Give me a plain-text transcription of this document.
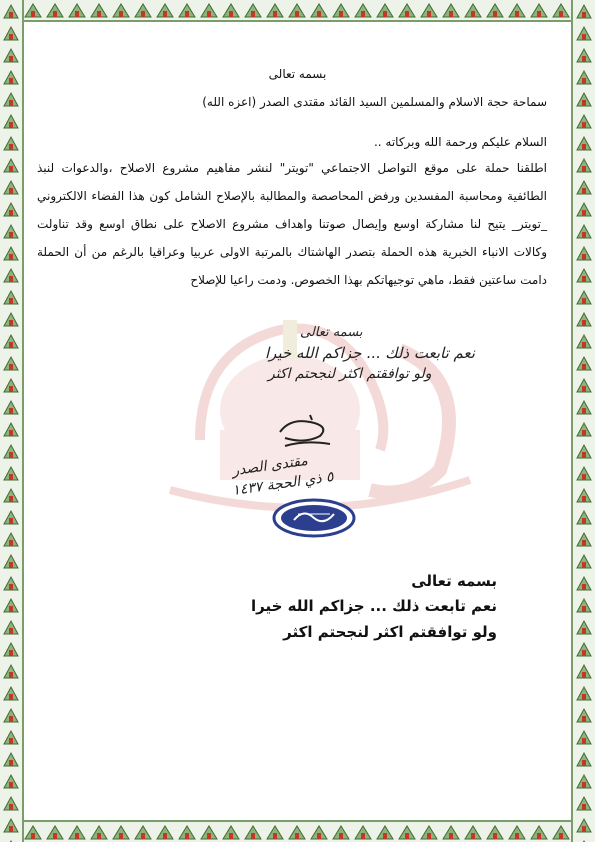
بسمه تعالى
سماحة حجة الاسلام والمسلمين السيد القائد مقتدى الصدر (اعزه الله)
السلام عليكم ورحمة الله وبركاته ..
اطلقنا حملة على موقع التواصل الاجتماعي "تويتر" لنشر مفاهيم مشروع الاصلاح ،والدعوات لنبذ الطائفية ومحاسبة المفسدين ورفض المحاصصة والمطالبة بالإصلاح الشامل كون هذا الفضاء الالكتروني _تويتر_ يتيح لنا مشاركة اوسع وإيصال صوتنا واهداف مشروع الاصلاح على نطاق اوسع وقد تناولت وكالات الانباء الخبرية هذه الحملة بتصدر الهاشتاك بالمرتبة الاولى عربيا وعراقيا بالرغم من أن الحملة دامت ساعتين فقط، ماهي توجيهاتكم بهذا الخصوص. ودمت راعيا للإصلاح
بسمه تعالى
نعم تابعت ذلك ... جزاكم الله خيرا
ولو توافقتم اكثر لنجحتم اكثر
مقتدى الصدر
٥ ذي الحجة ١٤٣٧
بسمه تعالى
نعم تابعت ذلك ... جزاكم الله خيرا
ولو توافقتم اكثر لنجحتم اكثر
